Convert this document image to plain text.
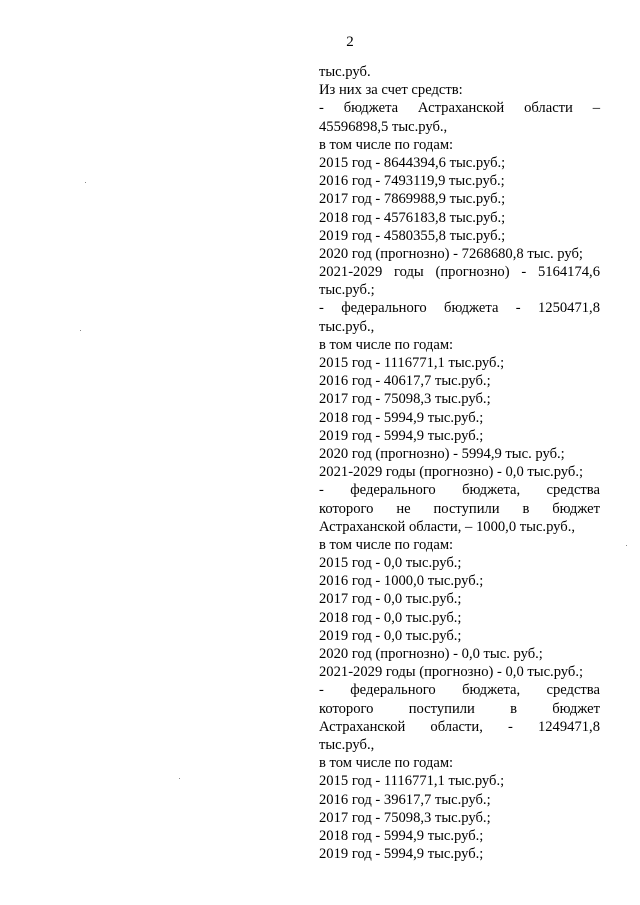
2
тыс.руб.
Из них за счет средств:
- бюджета Астраханской области –
45596898,5 тыс.руб.,
в том числе по годам:
2015 год - 8644394,6 тыс.руб.;
2016 год - 7493119,9 тыс.руб.;
2017 год - 7869988,9 тыс.руб.;
2018 год - 4576183,8 тыс.руб.;
2019 год - 4580355,8 тыс.руб.;
2020 год (прогнозно) - 7268680,8 тыс. руб;
2021-2029 годы (прогнозно) - 5164174,6
тыс.руб.;
- федерального бюджета - 1250471,8
тыс.руб.,
в том числе по годам:
2015 год - 1116771,1 тыс.руб.;
2016 год - 40617,7 тыс.руб.;
2017 год - 75098,3 тыс.руб.;
2018 год - 5994,9 тыс.руб.;
2019 год - 5994,9 тыс.руб.;
2020 год (прогнозно) - 5994,9 тыс. руб.;
2021-2029 годы (прогнозно) - 0,0 тыс.руб.;
- федерального бюджета, средства
которого не поступили в бюджет
Астраханской области, – 1000,0 тыс.руб.,
в том числе по годам:
2015 год - 0,0 тыс.руб.;
2016 год - 1000,0 тыс.руб.;
2017 год - 0,0 тыс.руб.;
2018 год - 0,0 тыс.руб.;
2019 год - 0,0 тыс.руб.;
2020 год (прогнозно) - 0,0 тыс. руб.;
2021-2029 годы (прогнозно) - 0,0 тыс.руб.;
- федерального бюджета, средства
которого поступили в бюджет
Астраханской области, - 1249471,8
тыс.руб.,
в том числе по годам:
2015 год - 1116771,1 тыс.руб.;
2016 год - 39617,7 тыс.руб.;
2017 год - 75098,3 тыс.руб.;
2018 год - 5994,9 тыс.руб.;
2019 год - 5994,9 тыс.руб.;
